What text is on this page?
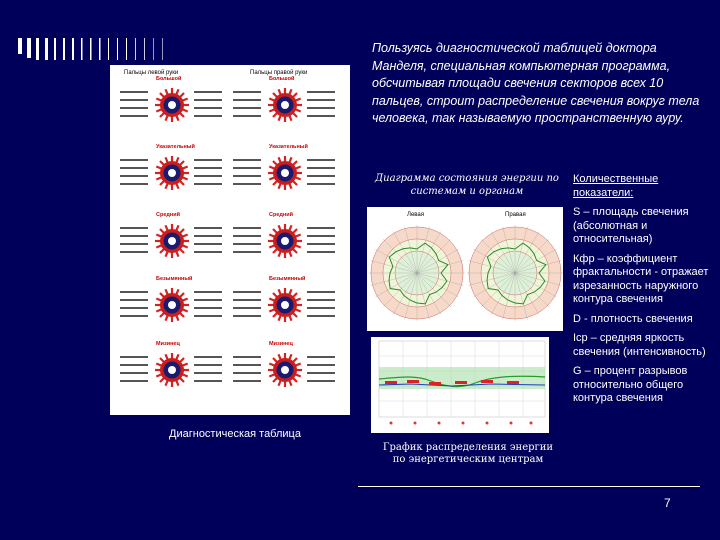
Пальцы левой руки	Пальцы правой руки
Большой	Большой
Указательный	Указательный
Средний	Средний
Безымянный	Безымянный
Мизинец	Мизинец
Диагностическая таблица
Пользуясь диагностической таблицей доктора Манделя, специальная компьютерная программа, обсчитывая площади свечения секторов всех 10 пальцев, строит распределение свечения вокруг тела человека, так называемую пространственную ауру.
Диаграмма состояния энергии по системам и органам
Левая	Правая
График распределения энергии по энергетическим центрам
Количественные показатели:
S – площадь свечения (абсолютная и относительная)
Кфр – коэффициент фрактальности - отражает изрезанность наружного контура свечения
D - плотность свечения
Icp – средняя яркость свечения (интенсивность)
G – процент разрывов относительно общего контура свечения
7
